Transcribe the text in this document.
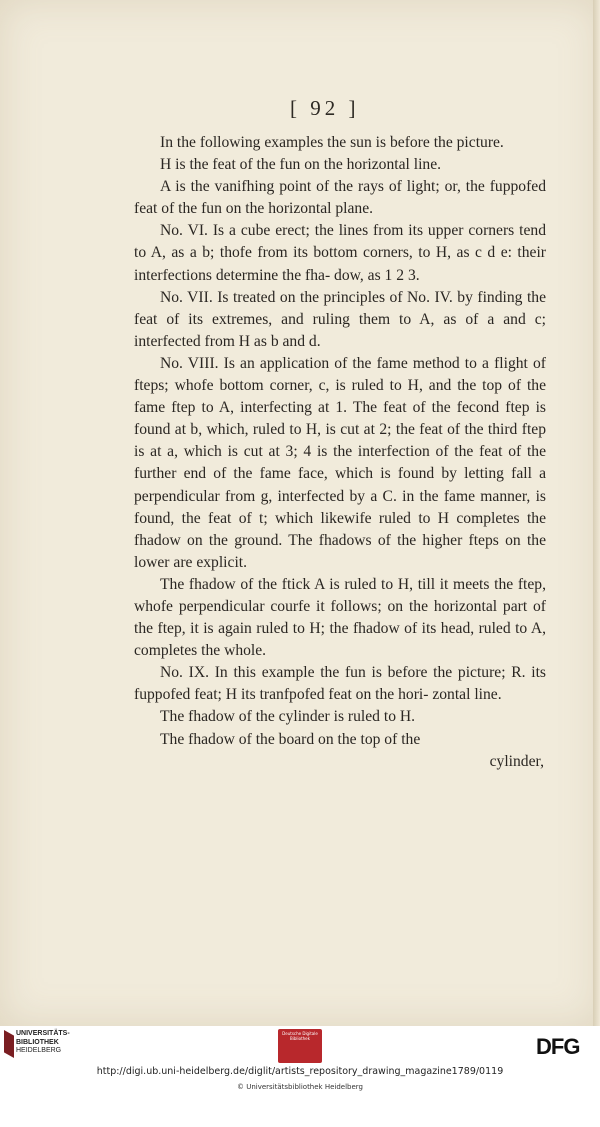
[ 92 ]

In the following examples the sun is before the picture.

H is the feat of the fun on the horizontal line.

A is the vanifhing point of the rays of light; or, the fuppofed feat of the fun on the horizontal plane.

No. VI. Is a cube erect; the lines from its upper corners tend to A, as a b; thofe from its bottom corners, to H, as c d e: their interfections determine the fha- dow, as 1 2 3.

No. VII. Is treated on the principles of No. IV. by finding the feat of its extremes, and ruling them to A, as of a and c; interfected from H as b and d.

No. VIII. Is an application of the fame method to a flight of fteps; whofe bottom corner, c, is ruled to H, and the top of the fame ftep to A, interfecting at 1. The feat of the fecond ftep is found at b, which, ruled to H, is cut at 2; the feat of the third ftep is at a, which is cut at 3; 4 is the interfection of the feat of the further end of the fame face, which is found by letting fall a perpendicular from g, interfected by a C. in the fame manner, is found, the feat of t; which likewife ruled to H completes the fhadow on the ground. The fhadows of the higher fteps on the lower are explicit.

The fhadow of the ftick A is ruled to H, till it meets the ftep, whofe perpendicular courfe it follows; on the horizontal part of the ftep, it is again ruled to H; the fhadow of its head, ruled to A, completes the whole.

No. IX. In this example the fun is before the picture; R. its fuppofed feat; H its tranfpofed feat on the hori- zontal line.

The fhadow of the cylinder is ruled to H.

The fhadow of the board on the top of the

cylinder,

UNIVERSITÄTS-
BIBLIOTHEK
HEIDELBERG
Deutsche Digitale Bibliothek	DFG
http://digi.ub.uni-heidelberg.de/diglit/artists_repository_drawing_magazine1789/0119
© Universitätsbibliothek Heidelberg
